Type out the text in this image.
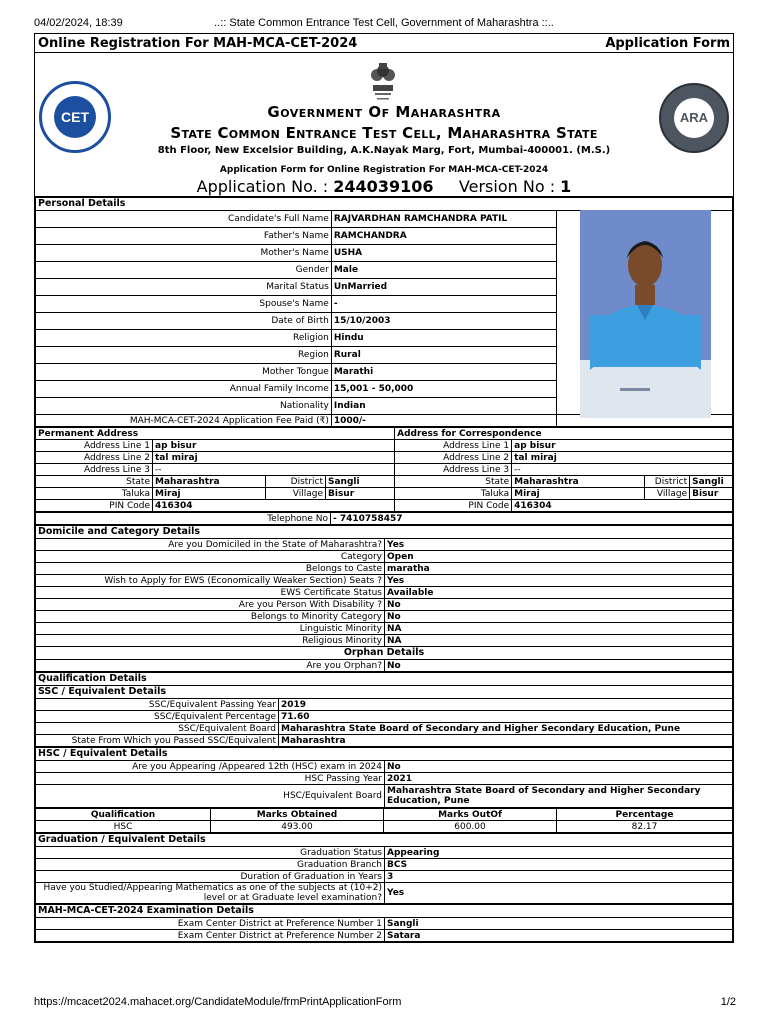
04/02/2024, 18:39	..:: State Common Entrance Test Cell, Government of Maharashtra ::..
Online Registration For MAH-MCA-CET-2024	Application Form
CET	ARA
Government Of Maharashtra
State Common Entrance Test Cell, Maharashtra State
8th Floor, New Excelsior Building, A.K.Nayak Marg, Fort, Mumbai-400001. (M.S.)
Application Form for Online Registration For MAH-MCA-CET-2024
Application No. : 244039106 Version No : 1
Personal Details		
Candidate's Full Name	RAJVARDHAN RAMCHANDRA PATIL	
Father's Name	RAMCHANDRA	
Mother's Name	USHA	
Gender	Male	
Marital Status	UnMarried	
Spouse's Name	-	
Date of Birth	15/10/2003	
Religion	Hindu	
Region	Rural	
Mother Tongue	Marathi	
Annual Family Income	15,001 - 50,000	
Nationality	Indian	
MAH-MCA-CET-2024 Application Fee Paid (₹)	1000/-	
Permanent Address				Address for Correspondence			
Address Line 1	ap bisur			Address Line 1	ap bisur		
Address Line 2	tal miraj			Address Line 2	tal miraj		
Address Line 3	--			Address Line 3	--		
State	Maharashtra	District	Sangli	State	Maharashtra	District	Sangli
Taluka	Miraj	Village	Bisur	Taluka	Miraj	Village	Bisur
PIN Code	416304			PIN Code	416304		
Telephone No	- 7410758457
Domicile and Category Details	
Are you Domiciled in the State of Maharashtra?	Yes
Category	Open
Belongs to Caste	maratha
Wish to Apply for EWS (Economically Weaker Section) Seats ?	Yes
EWS Certificate Status	Available
Are you Person With Disability ?	No
Belongs to Minority Category	No
Linguistic Minority	NA
Religious Minority	NA
Orphan Details	
Are you Orphan?	No
Qualification Details	
SSC / Equivalent Details	
SSC/Equivalent Passing Year	2019
SSC/Equivalent Percentage	71.60
SSC/Equivalent Board	Maharashtra State Board of Secondary and Higher Secondary Education, Pune
State From Which you Passed SSC/Equivalent	Maharashtra
HSC / Equivalent Details	
Are you Appearing /Appeared 12th (HSC) exam in 2024	No
HSC Passing Year	2021
HSC/Equivalent Board	Maharashtra State Board of Secondary and Higher Secondary Education, Pune
Qualification	Marks Obtained	Marks OutOf	Percentage
HSC	493.00	600.00	82.17
Graduation / Equivalent Details	
Graduation Status	Appearing
Graduation Branch	BCS
Duration of Graduation in Years	3
Have you Studied/Appearing Mathematics as one of the subjects at (10+2) level or at Graduate level examination?	Yes
MAH-MCA-CET-2024 Examination Details	
Exam Center District at Preference Number 1	Sangli
Exam Center District at Preference Number 2	Satara
https://mcacet2024.mahacet.org/CandidateModule/frmPrintApplicationForm	1/2
